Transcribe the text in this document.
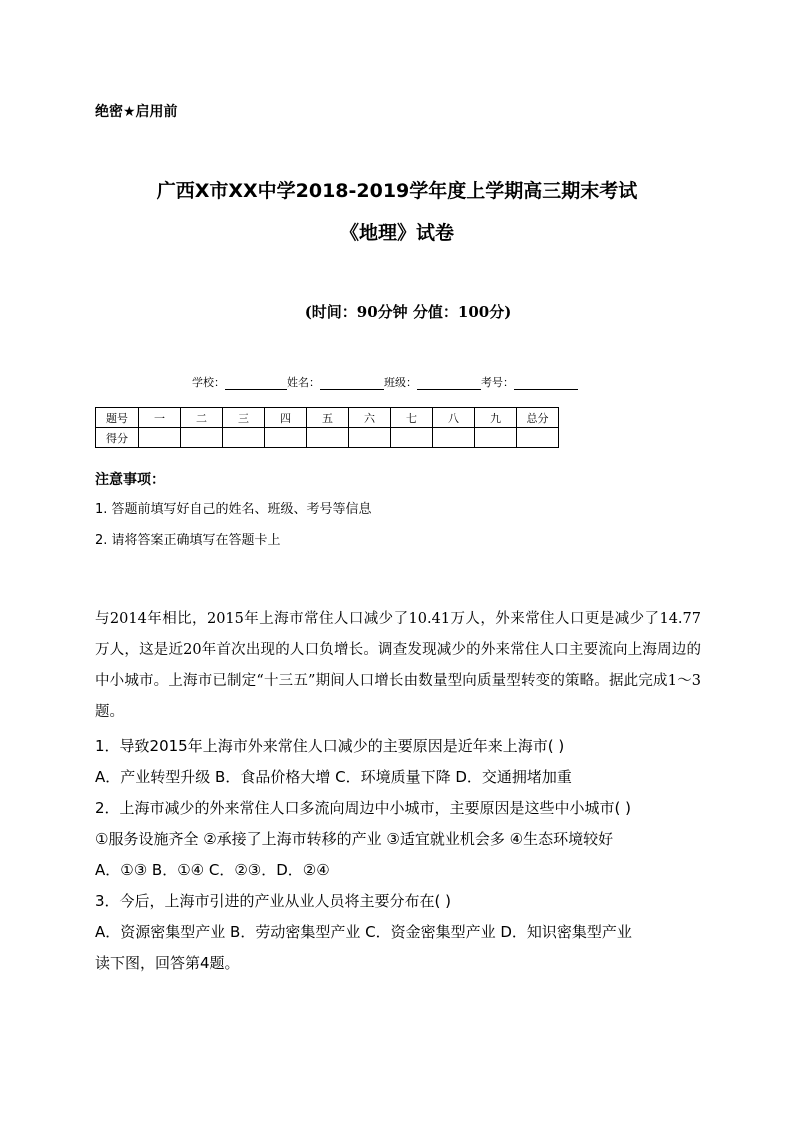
绝密★启用前
广西X市XX中学2018-2019学年度上学期高三期末考试
《地理》试卷
(时间：90分钟 分值：100分)
学校：	姓名：	班级：	考号：
题号	一	二	三	四	五	六	七	八	九	总分
得分										
注意事项：
1. 答题前填写好自己的姓名、班级、考号等信息
2. 请将答案正确填写在答题卡上
与2014年相比，2015年上海市常住人口减少了10.41万人，外来常住人口更是减少了14.77万人，这是近20年首次出现的人口负增长。调查发现减少的外来常住人口主要流向上海周边的中小城市。上海市已制定“十三五”期间人口增长由数量型向质量型转变的策略。据此完成1～3题。
1．导致2015年上海市外来常住人口减少的主要原因是近年来上海市( )
A．产业转型升级 B．食品价格大增 C．环境质量下降 D．交通拥堵加重
2．上海市减少的外来常住人口多流向周边中小城市，主要原因是这些中小城市( )
①服务设施齐全 ②承接了上海市转移的产业 ③适宜就业机会多 ④生态环境较好
A．①③ B．①④ C．②③．D．②④
3．今后，上海市引进的产业从业人员将主要分布在( )
A．资源密集型产业 B．劳动密集型产业 C．资金密集型产业 D．知识密集型产业
读下图，回答第4题。
